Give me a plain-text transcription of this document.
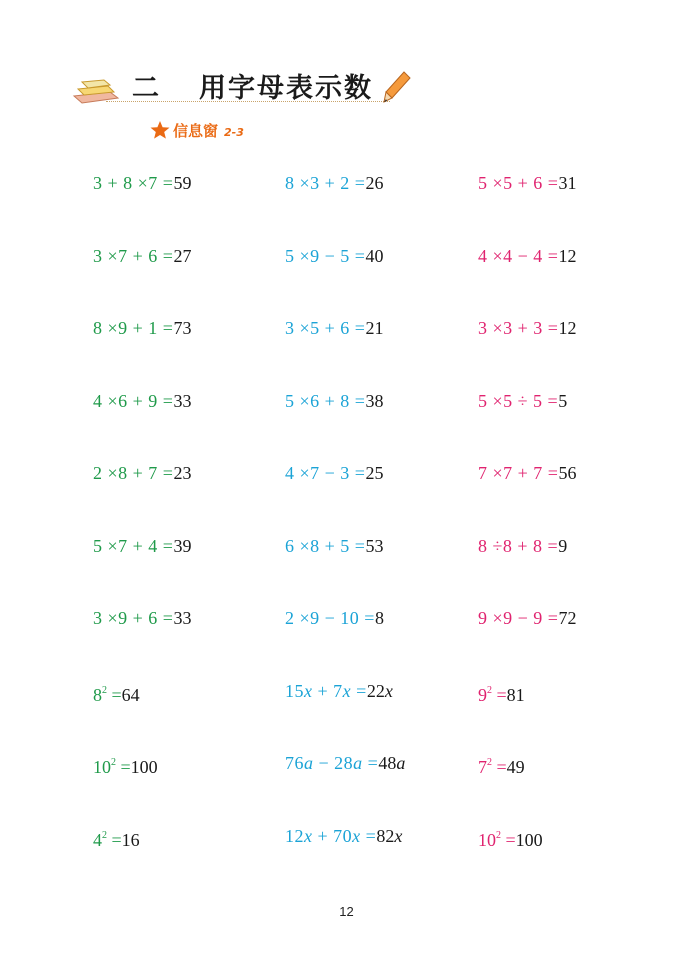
二 用字母表示数
信息窗 2-3
3 + 8 ×7 =59	8 ×3 + 2 =26	5 ×5 + 6 =31
3 ×7 + 6 =27	5 ×9 − 5 =40	4 ×4 − 4 =12
8 ×9 + 1 =73	3 ×5 + 6 =21	3 ×3 + 3 =12
4 ×6 + 9 =33	5 ×6 + 8 =38	5 ×5 ÷ 5 =5
2 ×8 + 7 =23	4 ×7 − 3 =25	7 ×7 + 7 =56
5 ×7 + 4 =39	6 ×8 + 5 =53	8 ÷8 + 8 =9
3 ×9 + 6 =33	2 ×9 − 10 =8	9 ×9 − 9 =72
$8^2 =64$	15x + 7x =22x	$9^2 =81$
$10^2 =100$	76a − 28a =48a	$7^2 =49$
$4^2 =16$	12x + 70x =82x	$10^2 =100$
12
